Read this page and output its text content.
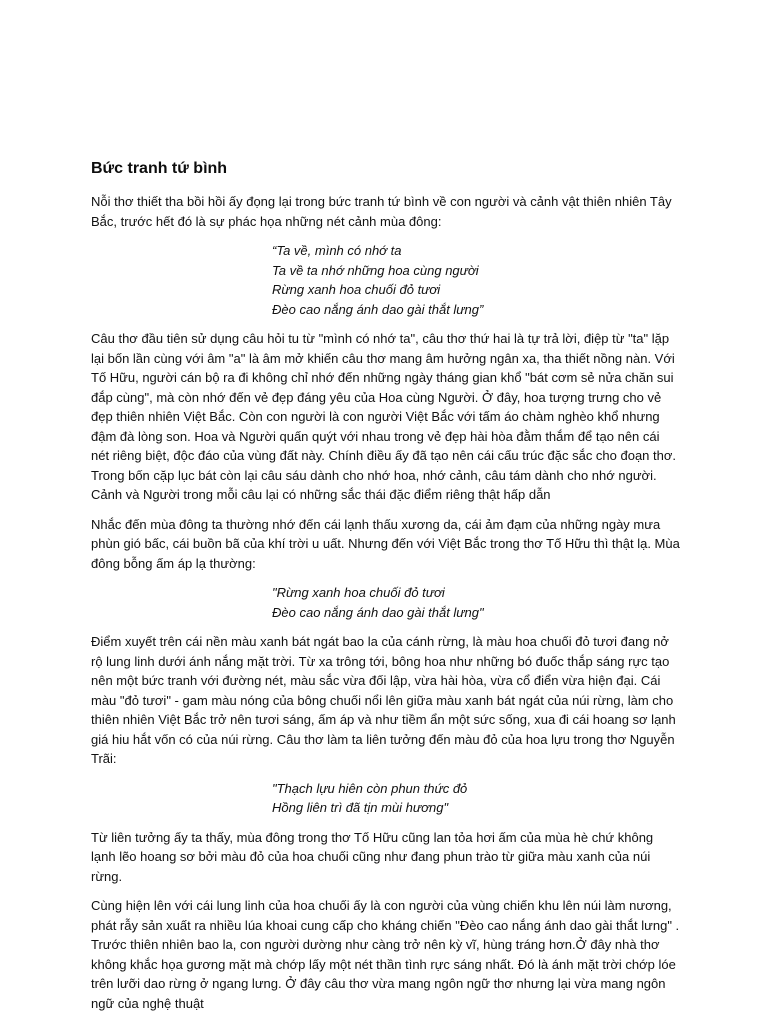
Bức tranh tứ bình

Nỗi thơ thiết tha bồi hồi ấy đọng lại trong bức tranh tứ bình về con người và cảnh vật thiên nhiên Tây Bắc, trước hết đó là sự phác họa những nét cảnh mùa đông:

“Ta về, mình có nhớ ta
Ta về ta nhớ những hoa cùng người
Rừng xanh hoa chuối đỏ tươi
Đèo cao nắng ánh dao gài thắt lưng”

Câu thơ đầu tiên sử dụng câu hỏi tu từ "mình có nhớ ta", câu thơ thứ hai là tự trả lời, điệp từ "ta" lặp lại bốn lần cùng với âm "a" là âm mở khiến câu thơ mang âm hưởng ngân xa, tha thiết nồng nàn. Với Tố Hữu, người cán bộ ra đi không chỉ nhớ đến những ngày tháng gian khổ "bát cơm sẻ nửa chăn sui đắp cùng", mà còn nhớ đến vẻ đẹp đáng yêu của Hoa cùng Người. Ở đây, hoa tượng trưng cho vẻ đẹp thiên nhiên Việt Bắc. Còn con người là con người Việt Bắc với tấm áo chàm nghèo khổ nhưng đậm đà lòng son. Hoa và Người quấn quýt với nhau trong vẻ đẹp hài hòa đằm thắm để tạo nên cái nét riêng biệt, độc đáo của vùng đất này. Chính điều ấy đã tạo nên cái cấu trúc đặc sắc cho đoạn thơ. Trong bốn cặp lục bát còn lại câu sáu dành cho nhớ hoa, nhớ cảnh, câu tám dành cho nhớ người. Cảnh và Người trong mỗi câu lại có những sắc thái đặc điểm riêng thật hấp dẫn

Nhắc đến mùa đông ta thường nhớ đến cái lạnh thấu xương da, cái ảm đạm của những ngày mưa phùn gió bấc, cái buồn bã của khí trời u uất. Nhưng đến với Việt Bắc trong thơ Tố Hữu thì thật lạ. Mùa đông bỗng ấm áp lạ thường:

"Rừng xanh hoa chuối đỏ tươi
Đèo cao nắng ánh dao gài thắt lưng"

Điểm xuyết trên cái nền màu xanh bát ngát bao la của cánh rừng, là màu hoa chuối đỏ tươi đang nở rộ lung linh dưới ánh nắng mặt trời. Từ xa trông tới, bông hoa như những bó đuốc thắp sáng rực tạo nên một bức tranh với đường nét, màu sắc vừa đối lập, vừa hài hòa, vừa cổ điển vừa hiện đại. Cái màu "đỏ tươi" - gam màu nóng của bông chuối nổi lên giữa màu xanh bát ngát của núi rừng, làm cho thiên nhiên Việt Bắc trở nên tươi sáng, ấm áp và như tiềm ẩn một sức sống, xua đi cái hoang sơ lạnh giá hiu hắt vốn có của núi rừng. Câu thơ làm ta liên tưởng đến màu đỏ của hoa lựu trong thơ Nguyễn Trãi:

"Thạch lựu hiên còn phun thức đỏ
Hồng liên trì đã tịn mùi hương"

Từ liên tưởng ấy ta thấy, mùa đông trong thơ Tố Hữu cũng lan tỏa hơi ấm của mùa hè chứ không lạnh lẽo hoang sơ bởi màu đỏ của hoa chuối cũng như đang phun trào từ giữa màu xanh của núi rừng.

Cùng hiện lên với cái lung linh của hoa chuối ấy là con người của vùng chiến khu lên núi làm nương, phát rẫy sản xuất ra nhiều lúa khoai cung cấp cho kháng chiến "Đèo cao nắng ánh dao gài thắt lưng" . Trước thiên nhiên bao la, con người dường như càng trở nên kỳ vĩ, hùng tráng hơn.Ở đây nhà thơ không khắc họa gương mặt mà chớp lấy một nét thần tình rực sáng nhất. Đó là ánh mặt trời chớp lóe trên lưỡi dao rừng ở ngang lưng. Ở đây câu thơ vừa mang ngôn ngữ thơ nhưng lại vừa mang ngôn ngữ của nghệ thuật
